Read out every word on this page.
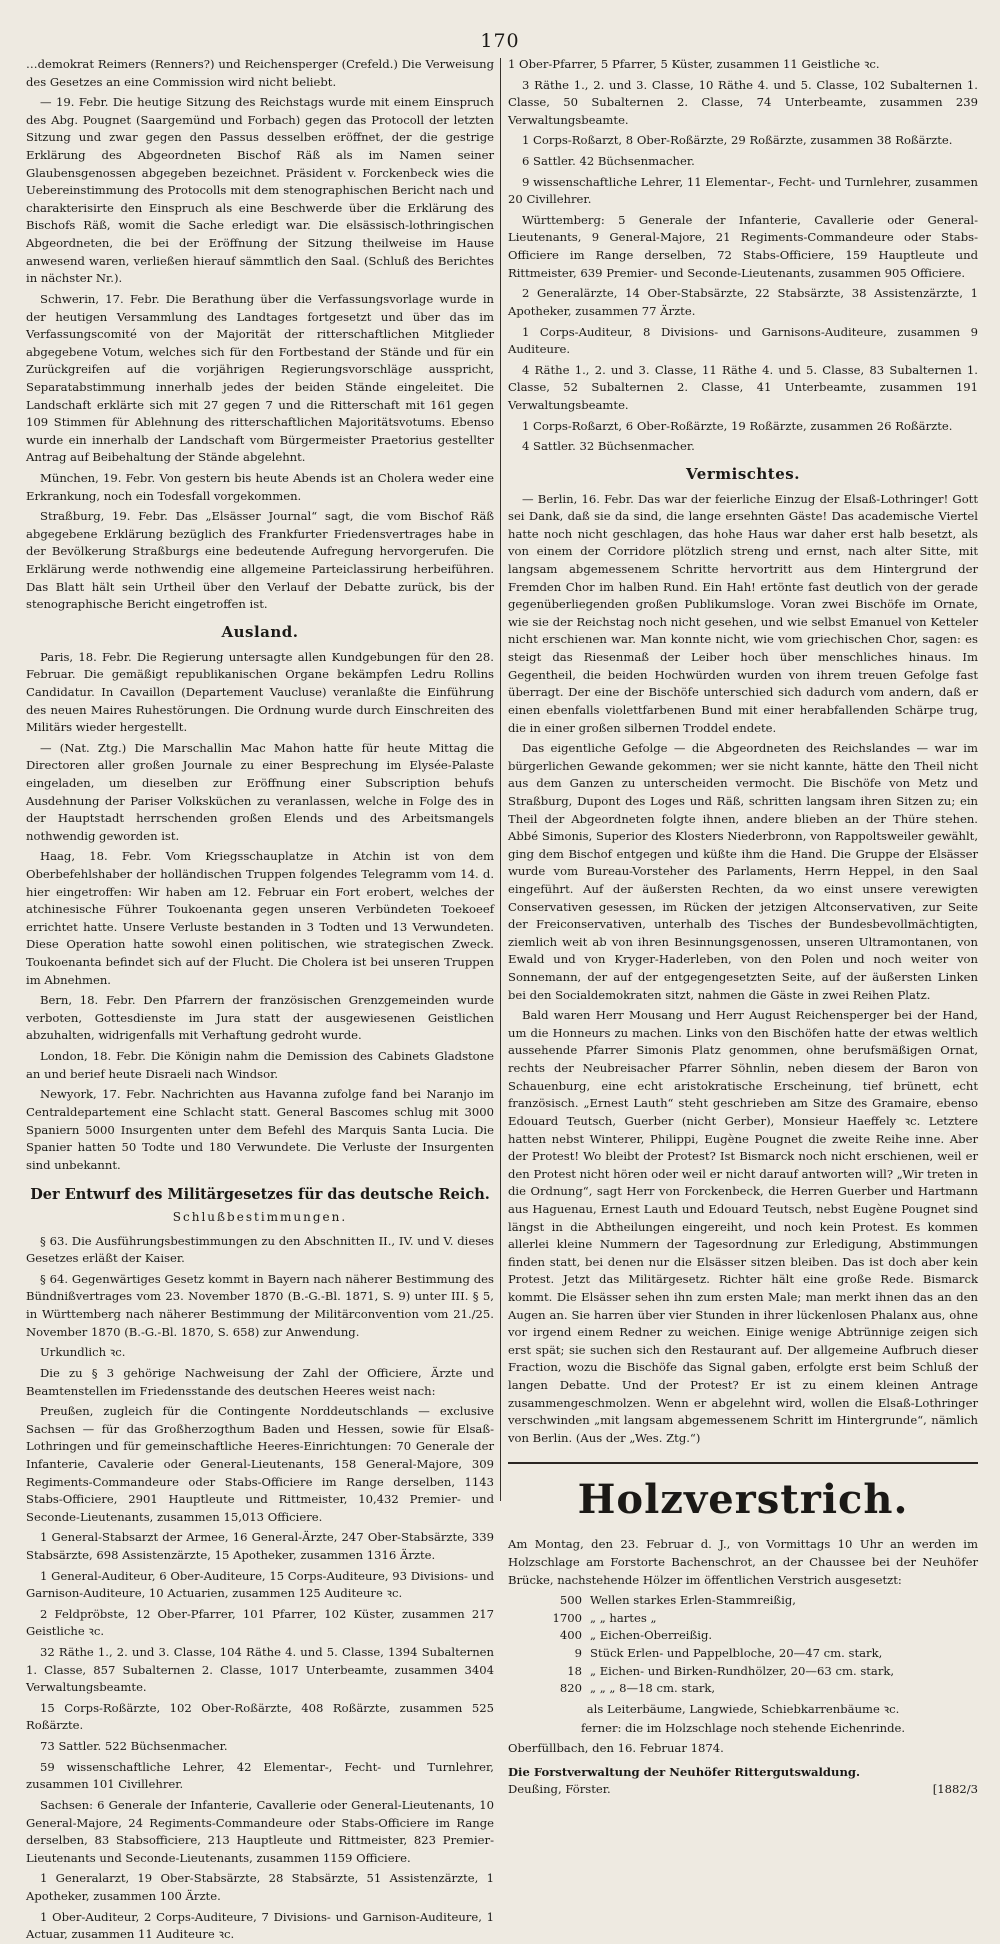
170

…demokrat Reimers (Renners?) und Reichensperger (Crefeld.) Die Verweisung des Gesetzes an eine Commission wird nicht beliebt.

— 19. Febr. Die heutige Sitzung des Reichstags wurde mit einem Einspruch des Abg. Pougnet (Saargemünd und Forbach) gegen das Protocoll der letzten Sitzung und zwar gegen den Passus desselben eröffnet, der die gestrige Erklärung des Abgeordneten Bischof Räß als im Namen seiner Glaubensgenossen abgegeben bezeichnet. Präsident v. Forckenbeck wies die Uebereinstimmung des Protocolls mit dem stenographischen Bericht nach und charakterisirte den Einspruch als eine Beschwerde über die Erklärung des Bischofs Räß, womit die Sache erledigt war. Die elsässisch-lothringischen Abgeordneten, die bei der Eröffnung der Sitzung theilweise im Hause anwesend waren, verließen hierauf sämmtlich den Saal. (Schluß des Berichtes in nächster Nr.).

Schwerin, 17. Febr. Die Berathung über die Verfassungsvorlage wurde in der heutigen Versammlung des Landtages fortgesetzt und über das im Verfassungscomité von der Majorität der ritterschaftlichen Mitglieder abgegebene Votum, welches sich für den Fortbestand der Stände und für ein Zurückgreifen auf die vorjährigen Regierungsvorschläge ausspricht, Separatabstimmung innerhalb jedes der beiden Stände eingeleitet. Die Landschaft erklärte sich mit 27 gegen 7 und die Ritterschaft mit 161 gegen 109 Stimmen für Ablehnung des ritterschaftlichen Majoritätsvotums. Ebenso wurde ein innerhalb der Landschaft vom Bürgermeister Praetorius gestellter Antrag auf Beibehaltung der Stände abgelehnt.

München, 19. Febr. Von gestern bis heute Abends ist an Cholera weder eine Erkrankung, noch ein Todesfall vorgekommen.

Straßburg, 19. Febr. Das „Elsässer Journal“ sagt, die vom Bischof Räß abgegebene Erklärung bezüglich des Frankfurter Friedensvertrages habe in der Bevölkerung Straßburgs eine bedeutende Aufregung hervorgerufen. Die Erklärung werde nothwendig eine allgemeine Parteiclassirung herbeiführen. Das Blatt hält sein Urtheil über den Verlauf der Debatte zurück, bis der stenographische Bericht eingetroffen ist.

Ausland.

Paris, 18. Febr. Die Regierung untersagte allen Kundgebungen für den 28. Februar. Die gemäßigt republikanischen Organe bekämpfen Ledru Rollins Candidatur. In Cavaillon (Departement Vaucluse) veranlaßte die Einführung des neuen Maires Ruhestörungen. Die Ordnung wurde durch Einschreiten des Militärs wieder hergestellt.

— (Nat. Ztg.) Die Marschallin Mac Mahon hatte für heute Mittag die Directoren aller großen Journale zu einer Besprechung im Elysée-Palaste eingeladen, um dieselben zur Eröffnung einer Subscription behufs Ausdehnung der Pariser Volksküchen zu veranlassen, welche in Folge des in der Hauptstadt herrschenden großen Elends und des Arbeitsmangels nothwendig geworden ist.

Haag, 18. Febr. Vom Kriegsschauplatze in Atchin ist von dem Oberbefehlshaber der holländischen Truppen folgendes Telegramm vom 14. d. hier eingetroffen: Wir haben am 12. Februar ein Fort erobert, welches der atchinesische Führer Toukoenanta gegen unseren Verbündeten Toekoeef errichtet hatte. Unsere Verluste bestanden in 3 Todten und 13 Verwundeten. Diese Operation hatte sowohl einen politischen, wie strategischen Zweck. Toukoenanta befindet sich auf der Flucht. Die Cholera ist bei unseren Truppen im Abnehmen.

Bern, 18. Febr. Den Pfarrern der französischen Grenzgemeinden wurde verboten, Gottesdienste im Jura statt der ausgewiesenen Geistlichen abzuhalten, widrigenfalls mit Verhaftung gedroht wurde.

London, 18. Febr. Die Königin nahm die Demission des Cabinets Gladstone an und berief heute Disraeli nach Windsor.

Newyork, 17. Febr. Nachrichten aus Havanna zufolge fand bei Naranjo im Centraldepartement eine Schlacht statt. General Bascomes schlug mit 3000 Spaniern 5000 Insurgenten unter dem Befehl des Marquis Santa Lucia. Die Spanier hatten 50 Todte und 180 Verwundete. Die Verluste der Insurgenten sind unbekannt.

Der Entwurf des Militärgesetzes für das deutsche Reich.
Schlußbestimmungen.

§ 63. Die Ausführungsbestimmungen zu den Abschnitten II., IV. und V. dieses Gesetzes erläßt der Kaiser.

§ 64. Gegenwärtiges Gesetz kommt in Bayern nach näherer Bestimmung des Bündnißvertrages vom 23. November 1870 (B.-G.-Bl. 1871, S. 9) unter III. § 5, in Württemberg nach näherer Bestimmung der Militärconvention vom 21./25. November 1870 (B.-G.-Bl. 1870, S. 658) zur Anwendung.

Urkundlich ꝛc.

Die zu § 3 gehörige Nachweisung der Zahl der Officiere, Ärzte und Beamtenstellen im Friedensstande des deutschen Heeres weist nach:

Preußen, zugleich für die Contingente Norddeutschlands — exclusive Sachsen — für das Großherzogthum Baden und Hessen, sowie für Elsaß-Lothringen und für gemeinschaftliche Heeres-Einrichtungen: 70 Generale der Infanterie, Cavalerie oder General-Lieutenants, 158 General-Majore, 309 Regiments-Commandeure oder Stabs-Officiere im Range derselben, 1143 Stabs-Officiere, 2901 Hauptleute und Rittmeister, 10,432 Premier- und Seconde-Lieutenants, zusammen 15,013 Officiere.

1 General-Stabsarzt der Armee, 16 General-Ärzte, 247 Ober-Stabsärzte, 339 Stabsärzte, 698 Assistenzärzte, 15 Apotheker, zusammen 1316 Ärzte.

1 General-Auditeur, 6 Ober-Auditeure, 15 Corps-Auditeure, 93 Divisions- und Garnison-Auditeure, 10 Actuarien, zusammen 125 Auditeure ꝛc.

2 Feldpröbste, 12 Ober-Pfarrer, 101 Pfarrer, 102 Küster, zusammen 217 Geistliche ꝛc.

32 Räthe 1., 2. und 3. Classe, 104 Räthe 4. und 5. Classe, 1394 Subalternen 1. Classe, 857 Subalternen 2. Classe, 1017 Unterbeamte, zusammen 3404 Verwaltungsbeamte.

15 Corps-Roßärzte, 102 Ober-Roßärzte, 408 Roßärzte, zusammen 525 Roßärzte.

73 Sattler. 522 Büchsenmacher.

59 wissenschaftliche Lehrer, 42 Elementar-, Fecht- und Turnlehrer, zusammen 101 Civillehrer.

Sachsen: 6 Generale der Infanterie, Cavallerie oder General-Lieutenants, 10 General-Majore, 24 Regiments-Commandeure oder Stabs-Officiere im Range derselben, 83 Stabsofficiere, 213 Hauptleute und Rittmeister, 823 Premier- Lieutenants und Seconde-Lieutenants, zusammen 1159 Officiere.

1 Generalarzt, 19 Ober-Stabsärzte, 28 Stabsärzte, 51 Assistenzärzte, 1 Apotheker, zusammen 100 Ärzte.

1 Ober-Auditeur, 2 Corps-Auditeure, 7 Divisions- und Garnison-Auditeure, 1 Actuar, zusammen 11 Auditeure ꝛc.

1 Ober-Pfarrer, 5 Pfarrer, 5 Küster, zusammen 11 Geistliche ꝛc.

3 Räthe 1., 2. und 3. Classe, 10 Räthe 4. und 5. Classe, 102 Subalternen 1. Classe, 50 Subalternen 2. Classe, 74 Unterbeamte, zusammen 239 Verwaltungsbeamte.

1 Corps-Roßarzt, 8 Ober-Roßärzte, 29 Roßärzte, zusammen 38 Roßärzte.

6 Sattler. 42 Büchsenmacher.

9 wissenschaftliche Lehrer, 11 Elementar-, Fecht- und Turnlehrer, zusammen 20 Civillehrer.

Württemberg: 5 Generale der Infanterie, Cavallerie oder General-Lieutenants, 9 General-Majore, 21 Regiments-Commandeure oder Stabs-Officiere im Range derselben, 72 Stabs-Officiere, 159 Hauptleute und Rittmeister, 639 Premier- und Seconde-Lieutenants, zusammen 905 Officiere.

2 Generalärzte, 14 Ober-Stabsärzte, 22 Stabsärzte, 38 Assistenzärzte, 1 Apotheker, zusammen 77 Ärzte.

1 Corps-Auditeur, 8 Divisions- und Garnisons-Auditeure, zusammen 9 Auditeure.

4 Räthe 1., 2. und 3. Classe, 11 Räthe 4. und 5. Classe, 83 Subalternen 1. Classe, 52 Subalternen 2. Classe, 41 Unterbeamte, zusammen 191 Verwaltungsbeamte.

1 Corps-Roßarzt, 6 Ober-Roßärzte, 19 Roßärzte, zusammen 26 Roßärzte.

4 Sattler. 32 Büchsenmacher.

Vermischtes.

— Berlin, 16. Febr. Das war der feierliche Einzug der Elsaß-Lothringer! Gott sei Dank, daß sie da sind, die lange ersehnten Gäste! Das academische Viertel hatte noch nicht geschlagen, das hohe Haus war daher erst halb besetzt, als von einem der Corridore plötzlich streng und ernst, nach alter Sitte, mit langsam abgemessenem Schritte hervortritt aus dem Hintergrund der Fremden Chor im halben Rund. Ein Hah! ertönte fast deutlich von der gerade gegenüberliegenden großen Publikumsloge. Voran zwei Bischöfe im Ornate, wie sie der Reichstag noch nicht gesehen, und wie selbst Emanuel von Ketteler nicht erschienen war. Man konnte nicht, wie vom griechischen Chor, sagen: es steigt das Riesenmaß der Leiber hoch über menschliches hinaus. Im Gegentheil, die beiden Hochwürden wurden von ihrem treuen Gefolge fast überragt. Der eine der Bischöfe unterschied sich dadurch vom andern, daß er einen ebenfalls violettfarbenen Bund mit einer herabfallenden Schärpe trug, die in einer großen silbernen Troddel endete.

Das eigentliche Gefolge — die Abgeordneten des Reichslandes — war im bürgerlichen Gewande gekommen; wer sie nicht kannte, hätte den Theil nicht aus dem Ganzen zu unterscheiden vermocht. Die Bischöfe von Metz und Straßburg, Dupont des Loges und Räß, schritten langsam ihren Sitzen zu; ein Theil der Abgeordneten folgte ihnen, andere blieben an der Thüre stehen. Abbé Simonis, Superior des Klosters Niederbronn, von Rappoltsweiler gewählt, ging dem Bischof entgegen und küßte ihm die Hand. Die Gruppe der Elsässer wurde vom Bureau-Vorsteher des Parlaments, Herrn Heppel, in den Saal eingeführt. Auf der äußersten Rechten, da wo einst unsere verewigten Conservativen gesessen, im Rücken der jetzigen Altconservativen, zur Seite der Freiconservativen, unterhalb des Tisches der Bundesbevollmächtigten, ziemlich weit ab von ihren Besinnungsgenossen, unseren Ultramontanen, von Ewald und von Kryger-Haderleben, von den Polen und noch weiter von Sonnemann, der auf der entgegengesetzten Seite, auf der äußersten Linken bei den Socialdemokraten sitzt, nahmen die Gäste in zwei Reihen Platz.

Bald waren Herr Mousang und Herr August Reichensperger bei der Hand, um die Honneurs zu machen. Links von den Bischöfen hatte der etwas weltlich aussehende Pfarrer Simonis Platz genommen, ohne berufsmäßigen Ornat, rechts der Neubreisacher Pfarrer Söhnlin, neben diesem der Baron von Schauenburg, eine echt aristokratische Erscheinung, tief brünett, echt französisch. „Ernest Lauth“ steht geschrieben am Sitze des Gramaire, ebenso Edouard Teutsch, Guerber (nicht Gerber), Monsieur Haeffely ꝛc. Letztere hatten nebst Winterer, Philippi, Eugène Pougnet die zweite Reihe inne. Aber der Protest! Wo bleibt der Protest? Ist Bismarck noch nicht erschienen, weil er den Protest nicht hören oder weil er nicht darauf antworten will? „Wir treten in die Ordnung“, sagt Herr von Forckenbeck, die Herren Guerber und Hartmann aus Haguenau, Ernest Lauth und Edouard Teutsch, nebst Eugène Pougnet sind längst in die Abtheilungen eingereiht, und noch kein Protest. Es kommen allerlei kleine Nummern der Tagesordnung zur Erledigung, Abstimmungen finden statt, bei denen nur die Elsässer sitzen bleiben. Das ist doch aber kein Protest. Jetzt das Militärgesetz. Richter hält eine große Rede. Bismarck kommt. Die Elsässer sehen ihn zum ersten Male; man merkt ihnen das an den Augen an. Sie harren über vier Stunden in ihrer lückenlosen Phalanx aus, ohne vor irgend einem Redner zu weichen. Einige wenige Abtrünnige zeigen sich erst spät; sie suchen sich den Restaurant auf. Der allgemeine Aufbruch dieser Fraction, wozu die Bischöfe das Signal gaben, erfolgte erst beim Schluß der langen Debatte. Und der Protest? Er ist zu einem kleinen Antrage zusammengeschmolzen. Wenn er abgelehnt wird, wollen die Elsaß-Lothringer verschwinden „mit langsam abgemessenem Schritt im Hintergrunde“, nämlich von Berlin. (Aus der „Wes. Ztg.“)

Holzverstrich.

Am Montag, den 23. Februar d. J., von Vormittags 10 Uhr an werden im Holzschlage am Forstorte Bachenschrot, an der Chaussee bei der Neuhöfer Brücke, nachstehende Hölzer im öffentlichen Verstrich ausgesetzt:

500	Wellen starkes Erlen-Stammreißig,
1700	„ „ hartes „
400	„ Eichen-Oberreißig.
9	Stück Erlen- und Pappelbloche, 20—47 cm. stark,
18	„ Eichen- und Birken-Rundhölzer, 20—63 cm. stark,
820	„ „ „ 8—18 cm. stark,
als Leiterbäume, Langwiede, Schiebkarrenbäume ꝛc.
ferner: die im Holzschlage noch stehende Eichenrinde.
Oberfüllbach, den 16. Februar 1874.
Die Forstverwaltung der Neuhöfer Rittergutswaldung.
Deußing, Förster.	[1882/3
